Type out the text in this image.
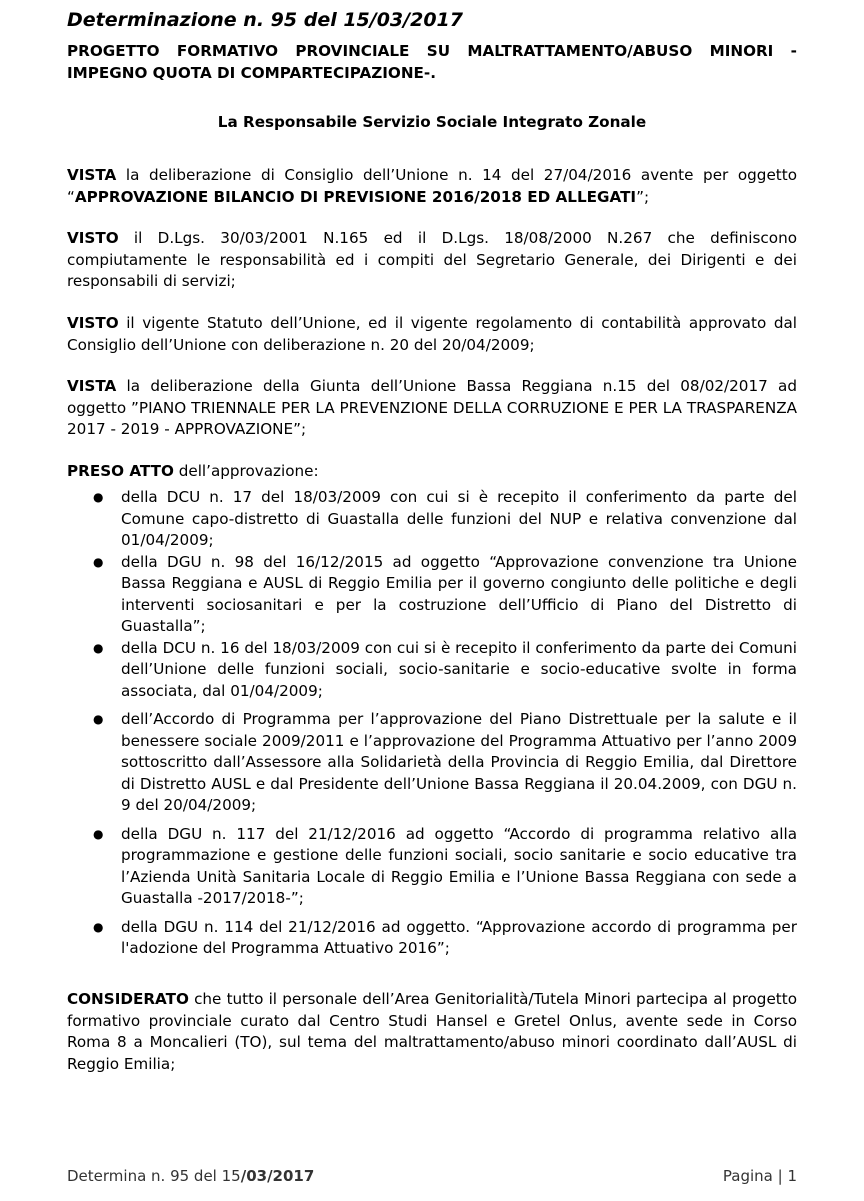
Determinazione n. 95 del 15/03/2017
PROGETTO FORMATIVO PROVINCIALE SU MALTRATTAMENTO/ABUSO MINORI -
IMPEGNO QUOTA DI COMPARTECIPAZIONE-.
La Responsabile Servizio Sociale Integrato Zonale

VISTA la deliberazione di Consiglio dell’Unione n. 14 del 27/04/2016 avente per oggetto “APPROVAZIONE BILANCIO DI PREVISIONE 2016/2018 ED ALLEGATI”;

VISTO il D.Lgs. 30/03/2001 N.165 ed il D.Lgs. 18/08/2000 N.267 che definiscono compiutamente le responsabilità ed i compiti del Segretario Generale, dei Dirigenti e dei responsabili di servizi;

VISTO il vigente Statuto dell’Unione, ed il vigente regolamento di contabilità approvato dal Consiglio dell’Unione con deliberazione n. 20 del 20/04/2009;

VISTA la deliberazione della Giunta dell’Unione Bassa Reggiana n.15 del 08/02/2017 ad oggetto ”PIANO TRIENNALE PER LA PREVENZIONE DELLA CORRUZIONE E PER LA TRASPARENZA 2017 - 2019 - APPROVAZIONE”;

PRESO ATTO dell’approvazione:

● della DCU n. 17 del 18/03/2009 con cui si è recepito il conferimento da parte del Comune capo-distretto di Guastalla delle funzioni del NUP e relativa convenzione dal 01/04/2009;
● della DGU n. 98 del 16/12/2015 ad oggetto “Approvazione convenzione tra Unione Bassa Reggiana e AUSL di Reggio Emilia per il governo congiunto delle politiche e degli interventi sociosanitari e per la costruzione dell’Ufficio di Piano del Distretto di Guastalla”;
● della DCU n. 16 del 18/03/2009 con cui si è recepito il conferimento da parte dei Comuni dell’Unione delle funzioni sociali, socio-sanitarie e socio-educative svolte in forma associata, dal 01/04/2009;
● dell’Accordo di Programma per l’approvazione del Piano Distrettuale per la salute e il benessere sociale 2009/2011 e l’approvazione del Programma Attuativo per l’anno 2009 sottoscritto dall’Assessore alla Solidarietà della Provincia di Reggio Emilia, dal Direttore di Distretto AUSL e dal Presidente dell’Unione Bassa Reggiana il 20.04.2009, con DGU n. 9 del 20/04/2009;
● della DGU n. 117 del 21/12/2016 ad oggetto “Accordo di programma relativo alla programmazione e gestione delle funzioni sociali, socio sanitarie e socio educative tra l’Azienda Unità Sanitaria Locale di Reggio Emilia e l’Unione Bassa Reggiana con sede a Guastalla -2017/2018-”;
● della DGU n. 114 del 21/12/2016 ad oggetto. “Approvazione accordo di programma per l'adozione del Programma Attuativo 2016”;

CONSIDERATO che tutto il personale dell’Area Genitorialità/Tutela Minori partecipa al progetto formativo provinciale curato dal Centro Studi Hansel e Gretel Onlus, avente sede in Corso Roma 8 a Moncalieri (TO), sul tema del maltrattamento/abuso minori coordinato dall’AUSL di Reggio Emilia;

Determina n. 95 del 15/03/2017	Pagina | 1
